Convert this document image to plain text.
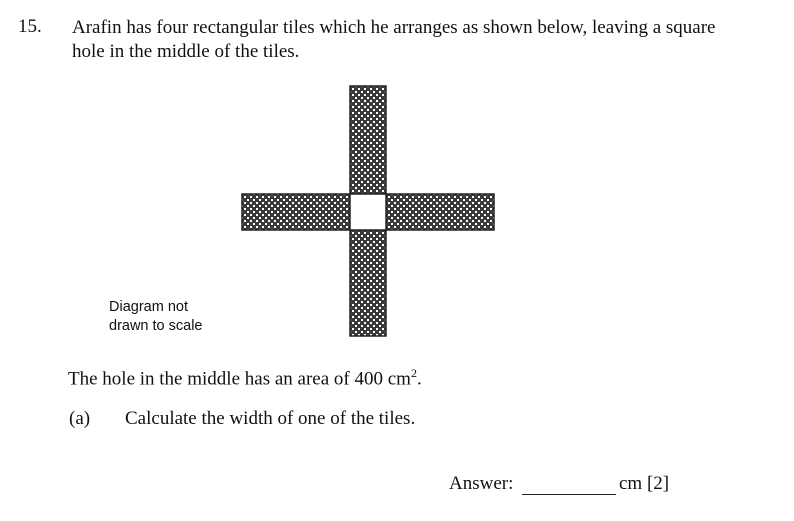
15. Arafin has four rectangular tiles which he arranges as shown below, leaving a square hole in the middle of the tiles.
Diagram not
drawn to scale
The hole in the middle has an area of 400 $cm^2$.
(a) Calculate the width of one of the tiles.
Answer:	cm [2]
